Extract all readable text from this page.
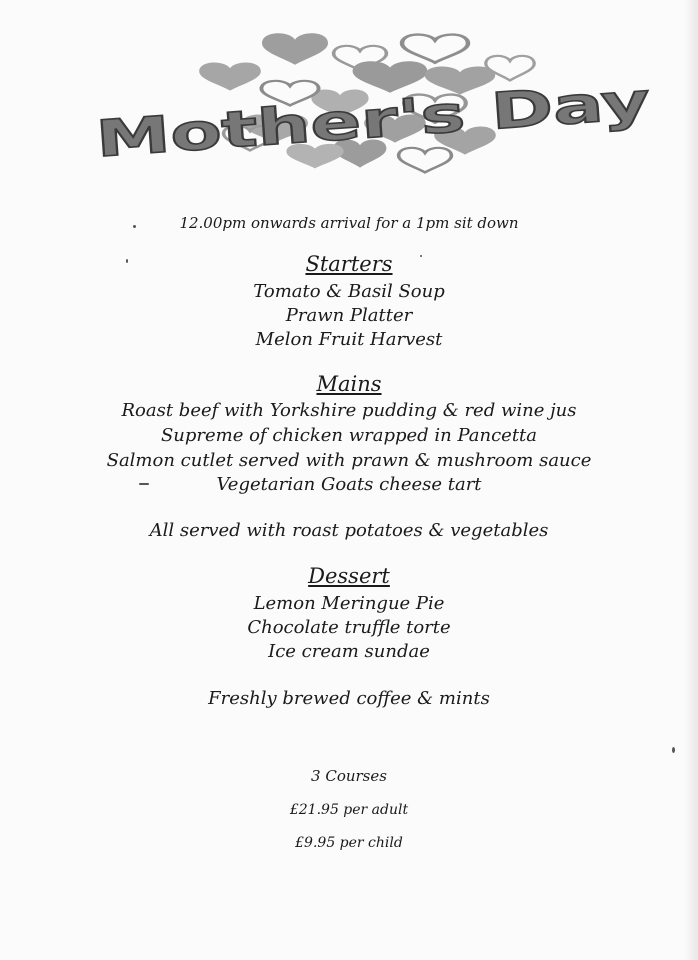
Mother's Day
12.00pm onwards arrival for a 1pm sit down
Starters
Tomato & Basil Soup
Prawn Platter
Melon Fruit Harvest
Mains
Roast beef with Yorkshire pudding & red wine jus
Supreme of chicken wrapped in Pancetta
Salmon cutlet served with prawn & mushroom sauce
Vegetarian Goats cheese tart
All served with roast potatoes & vegetables
Dessert
Lemon Meringue Pie
Chocolate truffle torte
Ice cream sundae
Freshly brewed coffee & mints
3 Courses
£21.95 per adult
£9.95 per child
